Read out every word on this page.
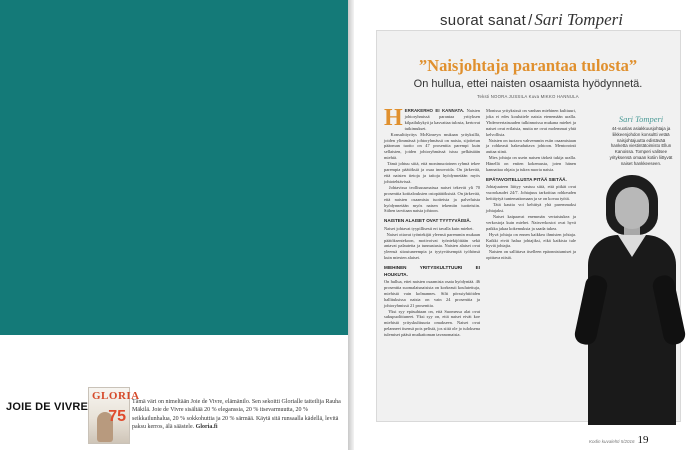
JOIE DE VIVRE
GLORIA
75
Tämä väri on nimeltään Joie de Vivre, elämänilo. Sen sekoitti Glorialle taiteilija Rauha Mäkilä. Joie de Vivre sisältää 20 % eleganssia, 20 % itsevarmuutta, 20 % seikkailunhalua, 20 % sokkohuttia ja 20 % särmää. Käytä sitä runsaalla kädellä, levitä paksu kerros, älä säästele. Gloria.fi
suorat sanat / Sari Tomperi
”Naisjohtaja parantaa tulosta”
On hullua, ettei naisten osaamista hyödynnetä.
Teksti NOORA JUSSILA Kuva MIKKO HANNULA

HERRAKERHO EI KANNATA. Naisten johtoryhmissä parantaa yrityksen kilpailukykyä ja kasvattaa tulosta, kertovat tutkimukset.

Konsulttiyritys McKinseyn mukaan yrityksillä, joiden ylimmässä johtoryhmässä on naisia, sijoitetun pääoman tuotto on 47 prosenttia parempi kuin sellaisten, joiden johtoryhmässä istuu pelkästään miehiä.

Tämä johtuu siitä, että monimuotoinen ryhmä tekee parempia päätöksiä ja osaa innovoida. On järkevää, että naisten tietoja ja taitoja hyödynnetään myös johtotehtävissä.

Johtavissa teollisuusmaissa naiset tekevät yli 70 prosenttia kotitalouksien ostopäätöksistä. On järkevää, että naisten osaamista tuotteista ja palveluista hyödynnetään myös naisen tekemiin tuotteisiin. Siihen tarvitaan naisia johtoon.

NAISTEN ALAISET OVAT TYYTYVÄISIÄ.

Naiset johtavat tyypillisesti eri tavalla kuin miehet.

Naiset ottavat työntekijät yleensä paremmin mukaan päätöksentekoon, motivoivat työntekijöitään sekä antavat palautetta ja tunnustusta. Naisten alaiset ovat yleensä sitoutuneempia ja tyytyväisempiä työhönsä kuin miesten alaiset.

MIEHINEN YRITYSKULTTUURI EI HOUKUTA.

On hullua, ettei naisten osaamista osata hyödyntää. 46 prosenttia suomalaisnaisista on korkeasti koulutettuja, miehistä vain kolmannes. Silti pörssiyhtiöiden hallituksissa naisia on vain 24 prosenttia ja johtoryhmissä 21 prosenttia.

Yksi syy epäsuhtaan on, että Suomessa alat ovat sukupuolittuneet. Yksi syy on, että naiset eivät koe miehistä yrityskulttuuria omakseen. Naiset ovat pelanneet itsensä pois pelistä, jos siitä ole jo tuloksena tulemiset pääsä mutkattoman tavanomaisia.

Monissa yrityksissä on vanhan miehinen kulttuuri, joka ei edes kouluttele naisia etenemään uralla. Yhdenvertaisuuden tulkinnoissa mukana miehet ja naiset ovat erilaisia, mutta ne ovat molemmat yhtä kelvollisia.

Naisten on tuotava vahvemmin esiin osaamistaan ja rohkeasti hakeuduttava johtoon. Mentorointi auttaa siinä.

Mies johtaja on usein naisen tärkeä tukija uralla. Hänellä on eniten kokemusta, joten hänen kannattaa ohjata ja tukea nuoria naisia.

EPÄTAVOITELLUSTA PITÄÄ SIETÄÄ.

Johtajuuteen liittyy vastuu siitä, että pitkät ovat vuorokaudet 24/7. Johtajuus tarkoittaa rohkeuden heittäytyä tuntemattomaan ja se on kovaa työtä.

Tätä kautta voi kehittyä yhä paremmaksi johtajaksi.

Naiset kaipaavat enemmän vertaistukea ja verkostoja kuin miehet. Naisverkostot ovat hyvä paikka jakaa kokemuksia ja saada tukea.

Hyvä johtaja on ennen kaikkea ihmisten johtaja. Kaikki eivät halua johtajiksi, eikä kaikista tule hyviä johtajia.

Naisten on sallittava itselleen epäonnistumiset ja opittava niistä.

Sari Tomperi
44-vuotias asiakkuusjohtaja ja liikkeenjohdon konsultti vetää naisjohtajuutta edistävää hanketta viestintätoimisto Ellun Kanoissa. Tomperi valitsee yrityksensä omaan kotiin liittyvät naiset hankkeeseen.
Kodin kuvalehti 5/2016 19
